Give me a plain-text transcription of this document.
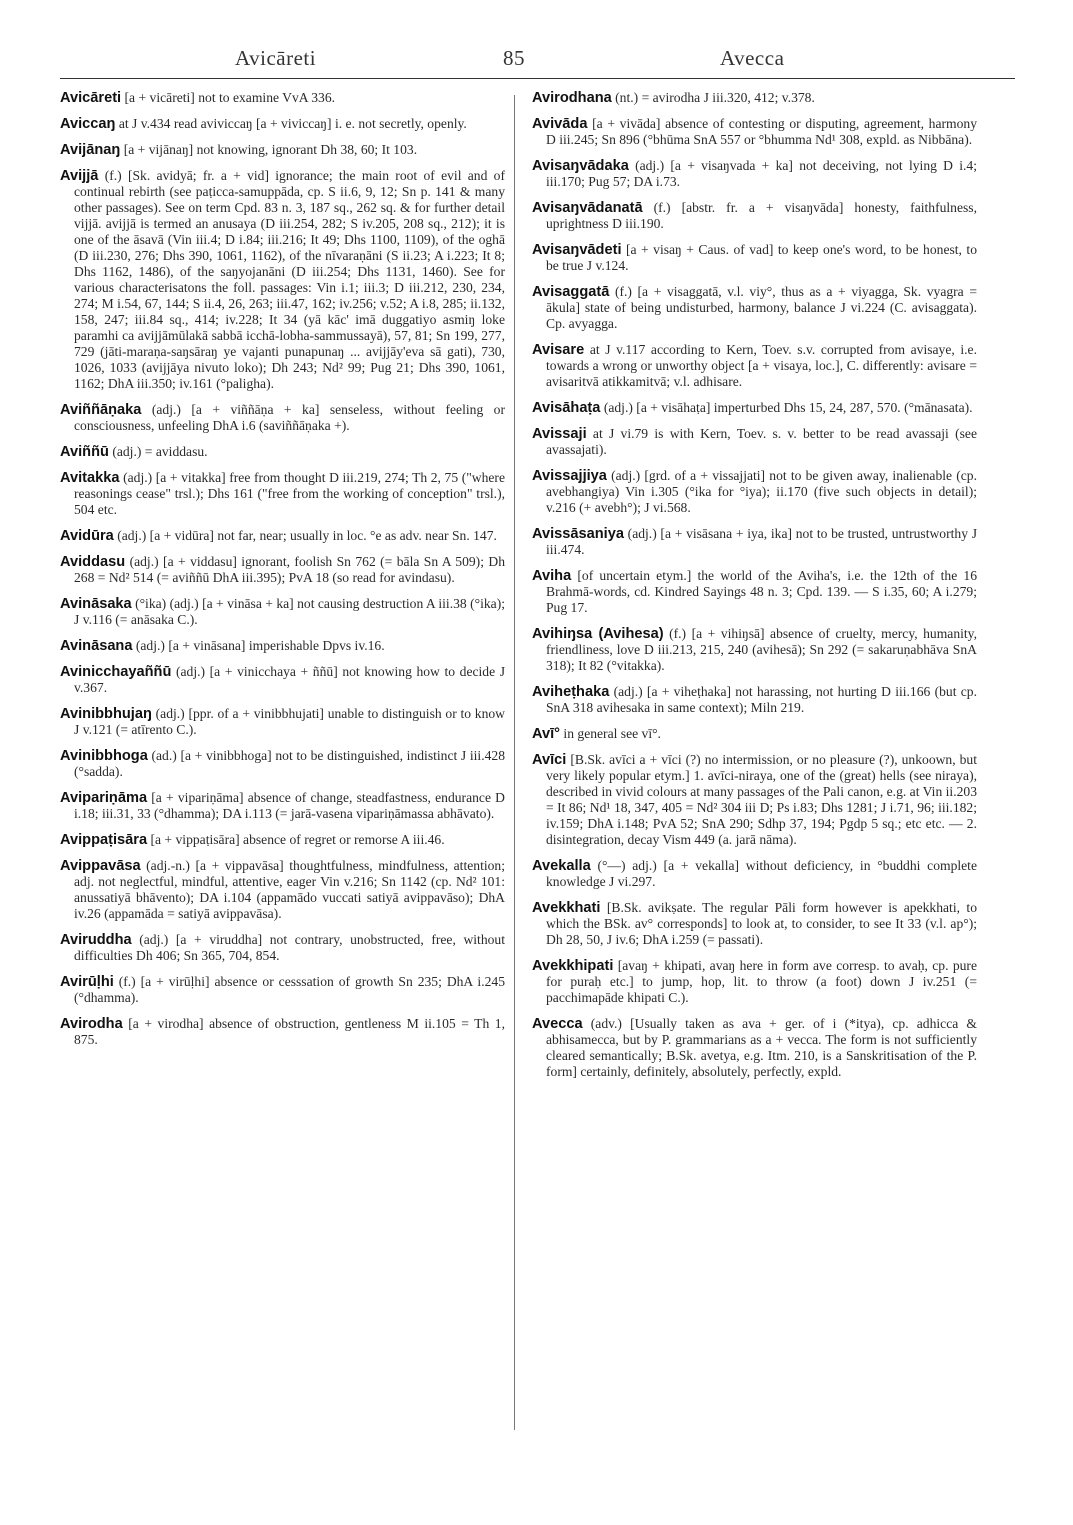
Avicāreti	85	Avecca

Avicāreti [a + vicāreti] not to examine VvA 336.

Aviccaŋ at J v.434 read aviviccaŋ [a + viviccaŋ] i. e. not secretly, openly.

Avijānaŋ [a + vijānaŋ] not knowing, ignorant Dh 38, 60; It 103.

Avijjā (f.) [Sk. avidyā; fr. a + vid] ignorance; the main root of evil and of continual rebirth (see paṭicca-samuppāda, cp. S ii.6, 9, 12; Sn p. 141 & many other passages). See on term Cpd. 83 n. 3, 187 sq., 262 sq. & for further detail vijjā. avijjā is termed an anusaya (D iii.254, 282; S iv.205, 208 sq., 212); it is one of the āsavā (Vin iii.4; D i.84; iii.216; It 49; Dhs 1100, 1109), of the oghā (D iii.230, 276; Dhs 390, 1061, 1162), of the nīvaraṇāni (S ii.23; A i.223; It 8; Dhs 1162, 1486), of the saŋyojanāni (D iii.254; Dhs 1131, 1460). See for various characterisatons the foll. passages: Vin i.1; iii.3; D iii.212, 230, 234, 274; M i.54, 67, 144; S ii.4, 26, 263; iii.47, 162; iv.256; v.52; A i.8, 285; ii.132, 158, 247; iii.84 sq., 414; iv.228; It 34 (yā kāc' imā duggatiyo asmiŋ loke paramhi ca avijjāmūlakā sabbā icchā-lobha-sammussayā), 57, 81; Sn 199, 277, 729 (jāti-maraṇa-saŋsāraŋ ye vajanti punapunaŋ ... avijjāy'eva sā gati), 730, 1026, 1033 (avijjāya nivuto loko); Dh 243; Nd² 99; Pug 21; Dhs 390, 1061, 1162; DhA iii.350; iv.161 (°paligha).

Aviññāṇaka (adj.) [a + viññāṇa + ka] senseless, without feeling or consciousness, unfeeling DhA i.6 (saviññāṇaka +).

Aviññū (adj.) = aviddasu.

Avitakka (adj.) [a + vitakka] free from thought D iii.219, 274; Th 2, 75 ("where reasonings cease" trsl.); Dhs 161 ("free from the working of conception" trsl.), 504 etc.

Avidūra (adj.) [a + vidūra] not far, near; usually in loc. °e as adv. near Sn. 147.

Aviddasu (adj.) [a + viddasu] ignorant, foolish Sn 762 (= bāla Sn A 509); Dh 268 = Nd² 514 (= aviññū DhA iii.395); PvA 18 (so read for avindasu).

Avināsaka (°ika) (adj.) [a + vināsa + ka] not causing destruction A iii.38 (°ika); J v.116 (= anāsaka C.).

Avināsana (adj.) [a + vināsana] imperishable Dpvs iv.16.

Avinicchayaññū (adj.) [a + vinicchaya + ññū] not knowing how to decide J v.367.

Avinibbhujaŋ (adj.) [ppr. of a + vinibbhujati] unable to distinguish or to know J v.121 (= atīrento C.).

Avinibbhoga (ad.) [a + vinibbhoga] not to be distinguished, indistinct J iii.428 (°sadda).

Avipariṇāma [a + vipariṇāma] absence of change, steadfastness, endurance D i.18; iii.31, 33 (°dhamma); DA i.113 (= jarā-vasena vipariṇāmassa abhāvato).

Avippaṭisāra [a + vippaṭisāra] absence of regret or remorse A iii.46.

Avippavāsa (adj.-n.) [a + vippavāsa] thoughtfulness, mindfulness, attention; adj. not neglectful, mindful, attentive, eager Vin v.216; Sn 1142 (cp. Nd² 101: anussatiyā bhāvento); DA i.104 (appamādo vuccati satiyā avippavāso); DhA iv.26 (appamāda = satiyā avippavāsa).

Aviruddha (adj.) [a + viruddha] not contrary, unobstructed, free, without difficulties Dh 406; Sn 365, 704, 854.

Avirūḷhi (f.) [a + virūḷhi] absence or cesssation of growth Sn 235; DhA i.245 (°dhamma).

Avirodha [a + virodha] absence of obstruction, gentleness M ii.105 = Th 1, 875.

Avirodhana (nt.) = avirodha J iii.320, 412; v.378.

Avivāda [a + vivāda] absence of contesting or disputing, agreement, harmony D iii.245; Sn 896 (°bhūma SnA 557 or °bhumma Nd¹ 308, expld. as Nibbāna).

Avisaŋvādaka (adj.) [a + visaŋvada + ka] not deceiving, not lying D i.4; iii.170; Pug 57; DA i.73.

Avisaŋvādanatā (f.) [abstr. fr. a + visaŋvāda] honesty, faithfulness, uprightness D iii.190.

Avisaŋvādeti [a + visaŋ + Caus. of vad] to keep one's word, to be honest, to be true J v.124.

Avisaggatā (f.) [a + visaggatā, v.l. viy°, thus as a + viyagga, Sk. vyagra = ākula] state of being undisturbed, harmony, balance J vi.224 (C. avisaggata). Cp. avyagga.

Avisare at J v.117 according to Kern, Toev. s.v. corrupted from avisaye, i.e. towards a wrong or unworthy object [a + visaya, loc.], C. differently: avisare = avisaritvā atikkamitvā; v.l. adhisare.

Avisāhaṭa (adj.) [a + visāhaṭa] imperturbed Dhs 15, 24, 287, 570. (°mānasata).

Avissaji at J vi.79 is with Kern, Toev. s. v. better to be read avassaji (see avassajati).

Avissajjiya (adj.) [grd. of a + vissajjati] not to be given away, inalienable (cp. avebhangiya) Vin i.305 (°ika for °iya); ii.170 (five such objects in detail); v.216 (+ avebh°); J vi.568.

Avissāsaniya (adj.) [a + visāsana + iya, ika] not to be trusted, untrustworthy J iii.474.

Aviha [of uncertain etym.] the world of the Aviha's, i.e. the 12th of the 16 Brahmā-words, cd. Kindred Sayings 48 n. 3; Cpd. 139. — S i.35, 60; A i.279; Pug 17.

Avihiŋsa (Avihesa) (f.) [a + vihiŋsā] absence of cruelty, mercy, humanity, friendliness, love D iii.213, 215, 240 (avihesā); Sn 292 (= sakaruṇabhāva SnA 318); It 82 (°vitakka).

Aviheṭhaka (adj.) [a + viheṭhaka] not harassing, not hurting D iii.166 (but cp. SnA 318 avihesaka in same context); Miln 219.

Avī° in general see vī°.

Avīci [B.Sk. avīci a + vīci (?) no intermission, or no pleasure (?), unkoown, but very likely popular etym.] 1. avīci-niraya, one of the (great) hells (see niraya), described in vivid colours at many passages of the Pali canon, e.g. at Vin ii.203 = It 86; Nd¹ 18, 347, 405 = Nd² 304 iii D; Ps i.83; Dhs 1281; J i.71, 96; iii.182; iv.159; DhA i.148; PvA 52; SnA 290; Sdhp 37, 194; Pgdp 5 sq.; etc etc. — 2. disintegration, decay Vism 449 (a. jarā nāma).

Avekalla (°—) adj.) [a + vekalla] without deficiency, in °buddhi complete knowledge J vi.297.

Avekkhati [B.Sk. avikṣate. The regular Pāli form however is apekkhati, to which the BSk. av° corresponds] to look at, to consider, to see It 33 (v.l. ap°); Dh 28, 50, J iv.6; DhA i.259 (= passati).

Avekkhipati [avaŋ + khipati, avaŋ here in form ave corresp. to avaḥ, cp. pure for puraḥ etc.] to jump, hop, lit. to throw (a foot) down J iv.251 (= pacchimapāde khipati C.).

Avecca (adv.) [Usually taken as ava + ger. of i (*itya), cp. adhicca & abhisamecca, but by P. grammarians as a + vecca. The form is not sufficiently cleared semantically; B.Sk. avetya, e.g. Itm. 210, is a Sanskritisation of the P. form] certainly, definitely, absolutely, perfectly, expld.
